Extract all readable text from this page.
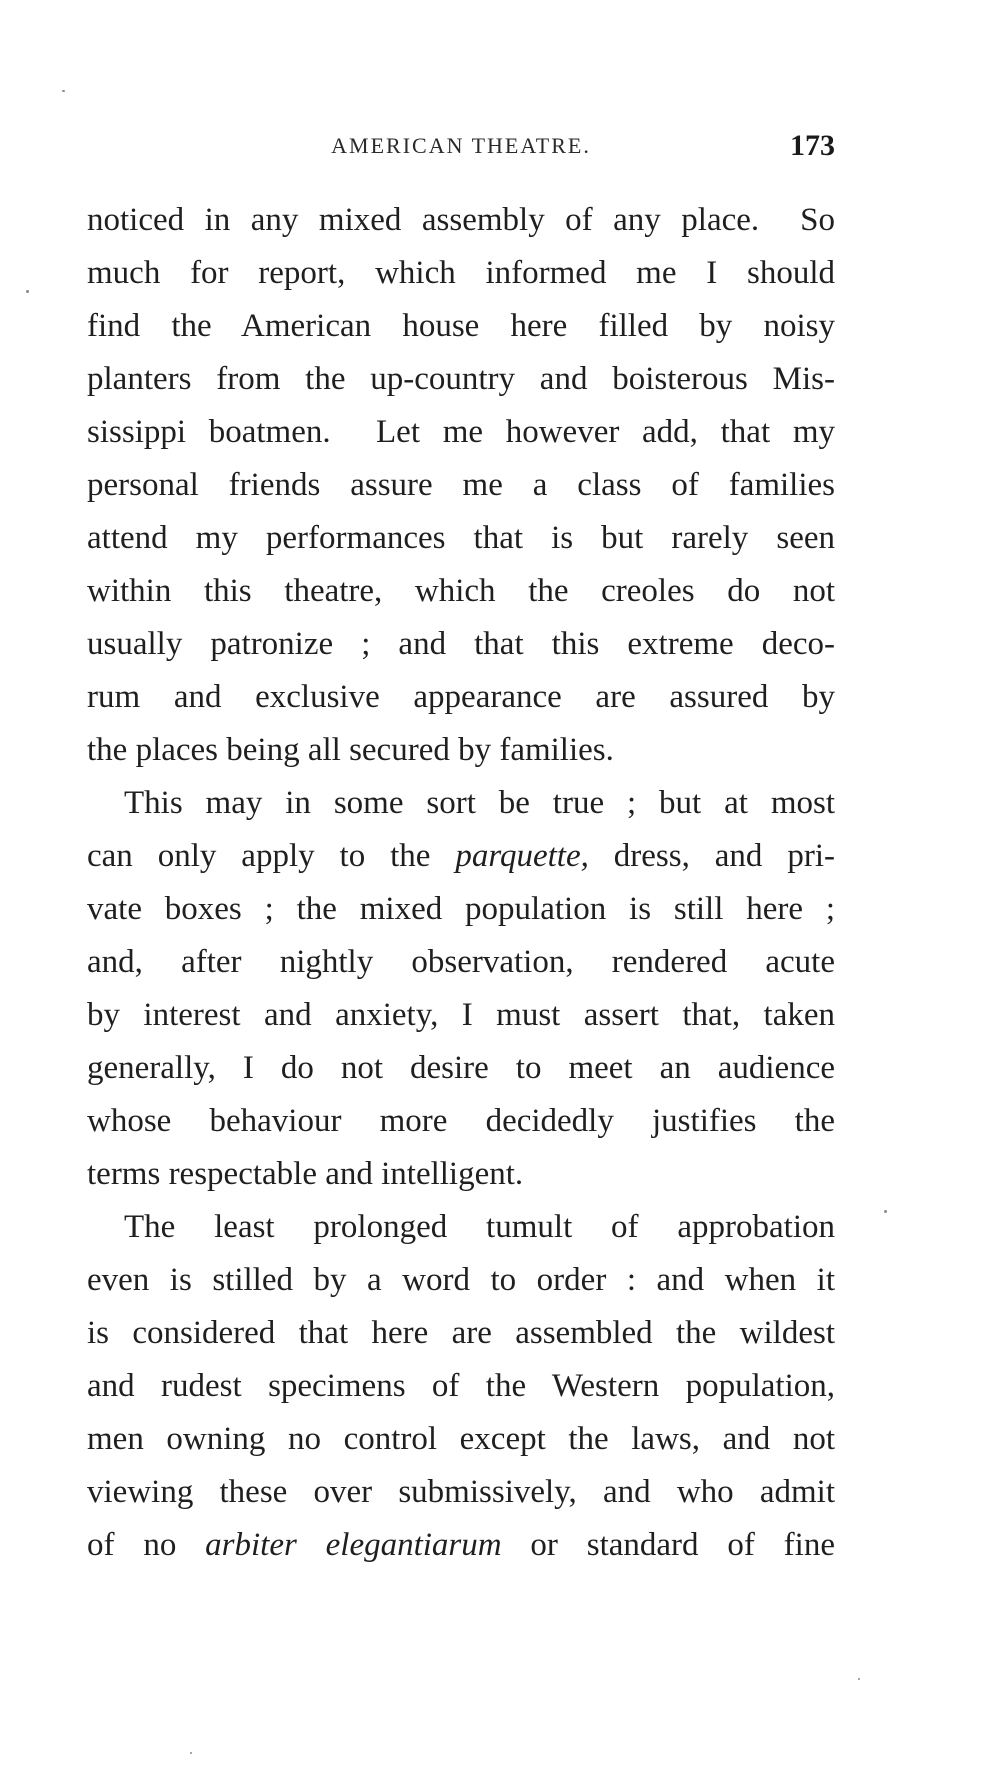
AMERICAN THEATRE.	173
noticed in any mixed assembly of any place.  So
much for report, which informed me I should
find the American house here filled by noisy
planters from the up-country and boisterous Mis-
sissippi boatmen.  Let me however add, that my
personal friends assure me a class of families
attend my performances that is but rarely seen
within this theatre, which the creoles do not
usually patronize ; and that this extreme deco-
rum and exclusive appearance are assured by
the places being all secured by families.
This may in some sort be true ; but at most
can only apply to the parquette, dress, and pri-
vate boxes ; the mixed population is still here ;
and, after nightly observation, rendered acute
by interest and anxiety, I must assert that, taken
generally, I do not desire to meet an audience
whose behaviour more decidedly justifies the
terms respectable and intelligent.
The least prolonged tumult of approbation
even is stilled by a word to order : and when it
is considered that here are assembled the wildest
and rudest specimens of the Western population,
men owning no control except the laws, and not
viewing these over submissively, and who admit
of no arbiter elegantiarum or standard of fine
